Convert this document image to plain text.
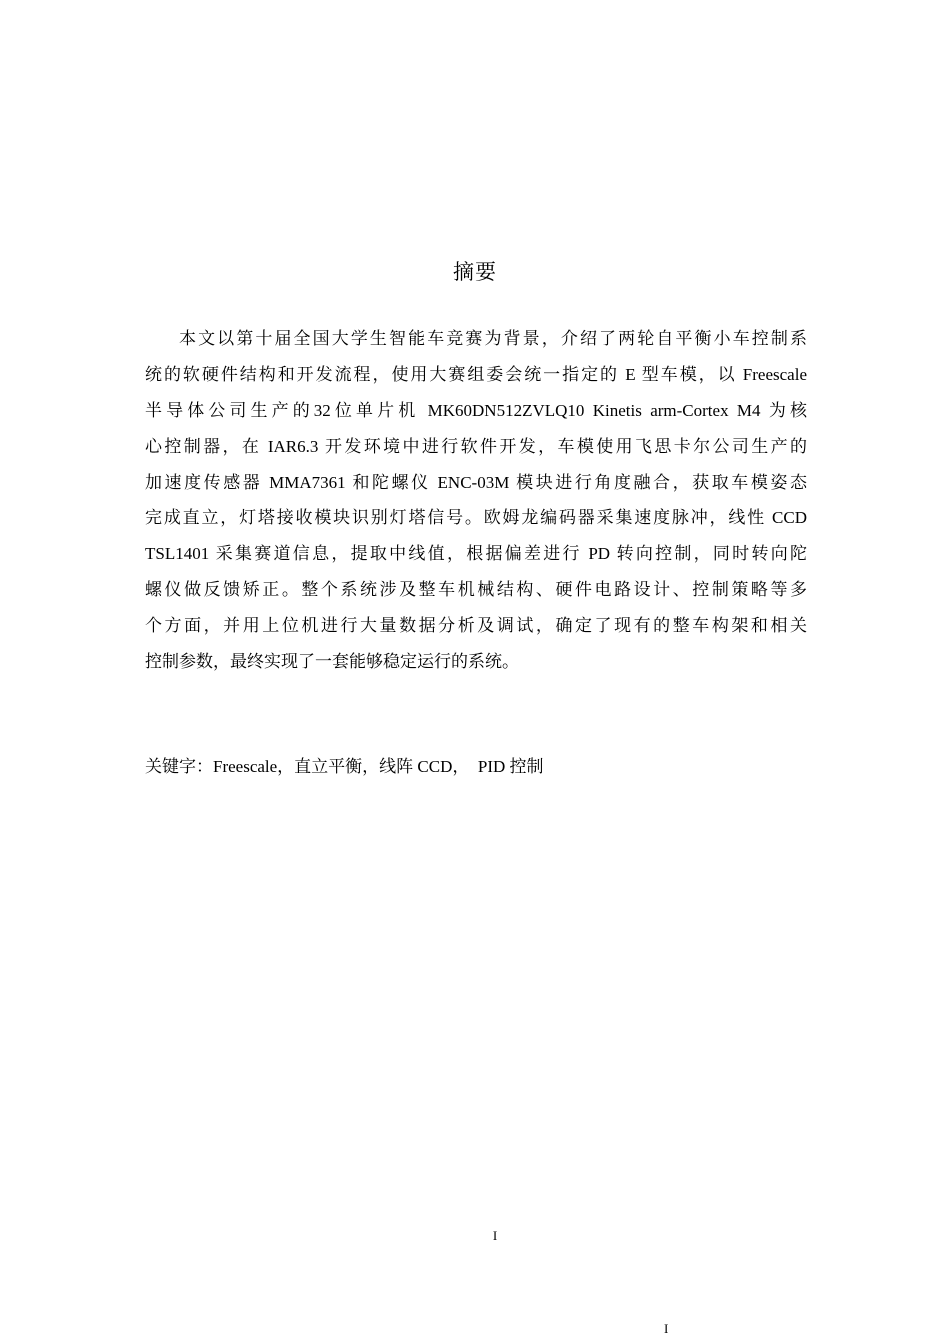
摘要
本文以第十届全国大学生智能车竞赛为背景，介绍了两轮自平衡小车控制系
统的软硬件结构和开发流程，使用大赛组委会统一指定的 E 型车模，以 Freescale
半导体公司生产的32位单片机 MK60DN512ZVLQ10 Kinetis arm-Cortex M4 为核
心控制器，在 IAR6.3 开发环境中进行软件开发，车模使用飞思卡尔公司生产的
加速度传感器 MMA7361 和陀螺仪 ENC-03M 模块进行角度融合，获取车模姿态
完成直立，灯塔接收模块识别灯塔信号。欧姆龙编码器采集速度脉冲，线性 CCD
TSL1401 采集赛道信息，提取中线值，根据偏差进行 PD 转向控制，同时转向陀
螺仪做反馈矫正。整个系统涉及整车机械结构、硬件电路设计、控制策略等多
个方面，并用上位机进行大量数据分析及调试，确定了现有的整车构架和相关
控制参数，最终实现了一套能够稳定运行的系统。
关键字：Freescale，直立平衡，线阵 CCD，  PID 控制
I
I
